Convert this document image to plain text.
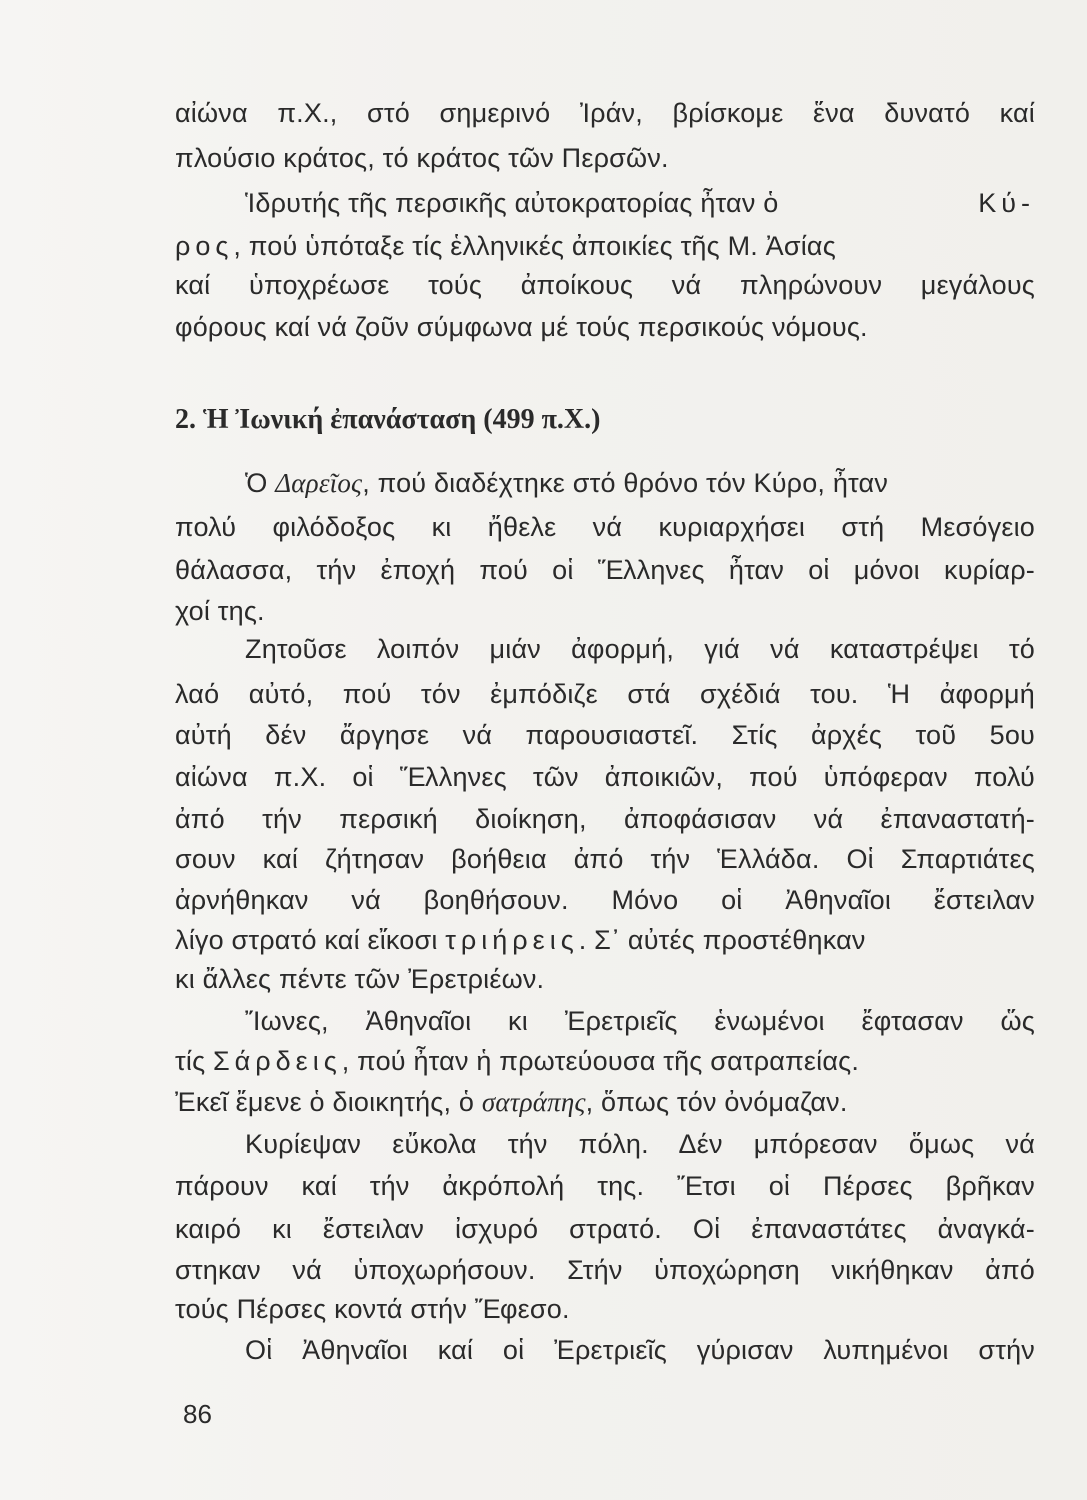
αἰώνα π.Χ., στό σημερινό Ἰράν, βρίσκομε ἕνα δυνατό καί
πλούσιο κράτος, τό κράτος τῶν Περσῶν.
Ἱδρυτής τῆς περσικῆς αὐτοκρατορίας ἦταν ὁ	Κύ-
ρος, πού ὑπόταξε τίς ἑλληνικές ἀποικίες τῆς Μ. Ἀσίας
καί ὑποχρέωσε τούς ἀποίκους νά πληρώνουν μεγάλους
φόρους καί νά ζοῦν σύμφωνα μέ τούς περσικούς νόμους.
2. Ἡ Ἰωνική ἐπανάσταση (499 π.Χ.)
Ὁ Δαρεῖος, πού διαδέχτηκε στό θρόνο τόν Κύρο, ἦταν
πολύ φιλόδοξος κι ἤθελε νά κυριαρχήσει στή Μεσόγειο
θάλασσα, τήν ἐποχή πού οἱ Ἕλληνες ἦταν οἱ μόνοι κυρίαρ-
χοί της.
Ζητοῦσε λοιπόν μιάν ἀφορμή, γιά νά καταστρέψει τό
λαό αὐτό, πού τόν ἐμπόδιζε στά σχέδιά του. Ἡ ἀφορμή
αὐτή δέν ἄργησε νά παρουσιαστεῖ. Στίς ἀρχές τοῦ 5ου
αἰώνα π.Χ. οἱ Ἕλληνες τῶν ἀποικιῶν, πού ὑπόφεραν πολύ
ἀπό τήν περσική διοίκηση, ἀποφάσισαν νά ἐπαναστατή-
σουν καί ζήτησαν βοήθεια ἀπό τήν Ἑλλάδα. Οἱ Σπαρτιάτες
ἀρνήθηκαν νά βοηθήσουν. Μόνο οἱ Ἀθηναῖοι ἔστειλαν
λίγο στρατό καί εἴκοσι τριήρεις. Σ᾽ αὐτές προστέθηκαν
κι ἄλλες πέντε τῶν Ἐρετριέων.
Ἴωνες, Ἀθηναῖοι κι Ἐρετριεῖς ἑνωμένοι ἔφτασαν ὥς
τίς Σάρδεις, πού ἦταν ἡ πρωτεύουσα τῆς σατραπείας.
Ἐκεῖ ἔμενε ὁ διοικητής, ὁ σατράπης, ὅπως τόν ὀνόμαζαν.
Κυρίεψαν εὔκολα τήν πόλη. Δέν μπόρεσαν ὅμως νά
πάρουν καί τήν ἀκρόπολή της. Ἔτσι οἱ Πέρσες βρῆκαν
καιρό κι ἔστειλαν ἰσχυρό στρατό. Οἱ ἐπαναστάτες ἀναγκά-
στηκαν νά ὑποχωρήσουν. Στήν ὑποχώρηση νικήθηκαν ἀπό
τούς Πέρσες κοντά στήν Ἔφεσο.
Οἱ Ἀθηναῖοι καί οἱ Ἐρετριεῖς γύρισαν λυπημένοι στήν
86
